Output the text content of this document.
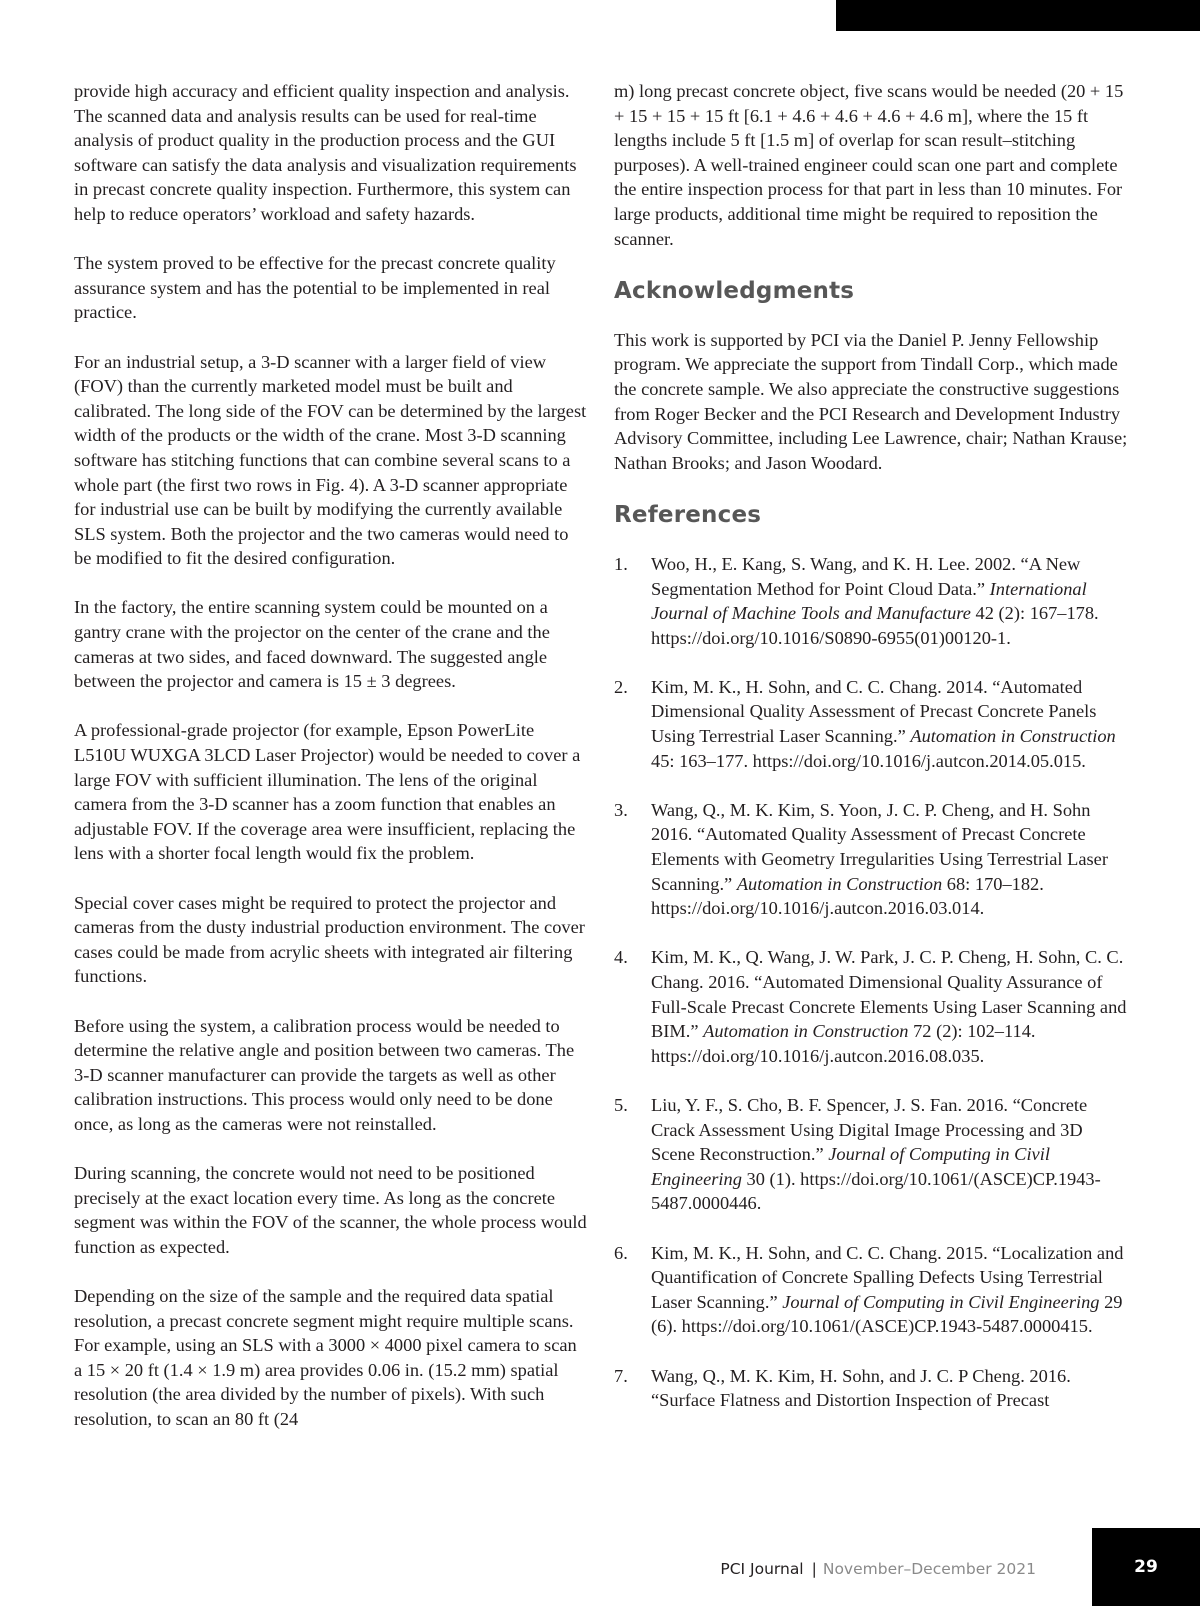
provide high accuracy and efficient quality inspection and analysis. The scanned data and analysis results can be used for real-time analysis of product quality in the production process and the GUI software can satisfy the data analysis and visualization requirements in precast concrete quality inspection. Furthermore, this system can help to reduce operators’ workload and safety hazards.

The system proved to be effective for the precast concrete quality assurance system and has the potential to be implemented in real practice.

For an industrial setup, a 3-D scanner with a larger field of view (FOV) than the currently marketed model must be built and calibrated. The long side of the FOV can be determined by the largest width of the products or the width of the crane. Most 3-D scanning software has stitching functions that can combine several scans to a whole part (the first two rows in Fig. 4). A 3-D scanner appropriate for industrial use can be built by modifying the currently available SLS system. Both the projector and the two cameras would need to be modified to fit the desired configuration.

In the factory, the entire scanning system could be mounted on a gantry crane with the projector on the center of the crane and the cameras at two sides, and faced downward. The suggested angle between the projector and camera is 15 ± 3 degrees.

A professional-grade projector (for example, Epson PowerLite L510U WUXGA 3LCD Laser Projector) would be needed to cover a large FOV with sufficient illumination. The lens of the original camera from the 3-D scanner has a zoom function that enables an adjustable FOV. If the coverage area were insufficient, replacing the lens with a shorter focal length would fix the problem.

Special cover cases might be required to protect the projector and cameras from the dusty industrial production environment. The cover cases could be made from acrylic sheets with integrated air filtering functions.

Before using the system, a calibration process would be needed to determine the relative angle and position between two cameras. The 3-D scanner manufacturer can provide the targets as well as other calibration instructions. This process would only need to be done once, as long as the cameras were not reinstalled.

During scanning, the concrete would not need to be positioned precisely at the exact location every time. As long as the concrete segment was within the FOV of the scanner, the whole process would function as expected.

Depending on the size of the sample and the required data spatial resolution, a precast concrete segment might require multiple scans. For example, using an SLS with a 3000 × 4000 pixel camera to scan a 15 × 20 ft (1.4 × 1.9 m) area provides 0.06 in. (15.2 mm) spatial resolution (the area divided by the number of pixels). With such resolution, to scan an 80 ft (24

m) long precast concrete object, five scans would be needed (20 + 15 + 15 + 15 + 15 ft [6.1 + 4.6 + 4.6 + 4.6 + 4.6 m], where the 15 ft lengths include 5 ft [1.5 m] of overlap for scan result–stitching purposes). A well-trained engineer could scan one part and complete the entire inspection process for that part in less than 10 minutes. For large products, additional time might be required to reposition the scanner.

Acknowledgments

This work is supported by PCI via the Daniel P. Jenny Fellowship program. We appreciate the support from Tindall Corp., which made the concrete sample. We also appreciate the constructive suggestions from Roger Becker and the PCI Research and Development Industry Advisory Committee, including Lee Lawrence, chair; Nathan Krause; Nathan Brooks; and Jason Woodard.

References
1.	Woo, H., E. Kang, S. Wang, and K. H. Lee. 2002. “A New Segmentation Method for Point Cloud Data.” International Journal of Machine Tools and Manufacture 42 (2): 167–178. https://doi.org/10.1016/S0890-6955(01)00120-1.
2.	Kim, M. K., H. Sohn, and C. C. Chang. 2014. “Automated Dimensional Quality Assessment of Precast Concrete Panels Using Terrestrial Laser Scanning.” Automation in Construction 45: 163–177. https://doi.org/10.1016/j.autcon.2014.05.015.
3.	Wang, Q., M. K. Kim, S. Yoon, J. C. P. Cheng, and H. Sohn 2016. “Automated Quality Assessment of Precast Concrete Elements with Geometry Irregularities Using Terrestrial Laser Scanning.” Automation in Construction 68: 170–182. https://doi.org/10.1016/j.autcon.2016.03.014.
4.	Kim, M. K., Q. Wang, J. W. Park, J. C. P. Cheng, H. Sohn, C. C. Chang. 2016. “Automated Dimensional Quality Assurance of Full-Scale Precast Concrete Elements Using Laser Scanning and BIM.” Automation in Construction 72 (2): 102–114. https://doi.org/10.1016/j.autcon.2016.08.035.
5.	Liu, Y. F., S. Cho, B. F. Spencer, J. S. Fan. 2016. “Concrete Crack Assessment Using Digital Image Processing and 3D Scene Reconstruction.” Journal of Computing in Civil Engineering 30 (1). https://doi.org/10.1061/(ASCE)CP.1943-5487.0000446.
6.	Kim, M. K., H. Sohn, and C. C. Chang. 2015. “Localization and Quantification of Concrete Spalling Defects Using Terrestrial Laser Scanning.” Journal of Computing in Civil Engineering 29 (6). https://doi.org/10.1061/(ASCE)CP.1943-5487.0000415.
7.	Wang, Q., M. K. Kim, H. Sohn, and J. C. P Cheng. 2016. “Surface Flatness and Distortion Inspection of Precast
PCI Journal | November–December 2021	29
